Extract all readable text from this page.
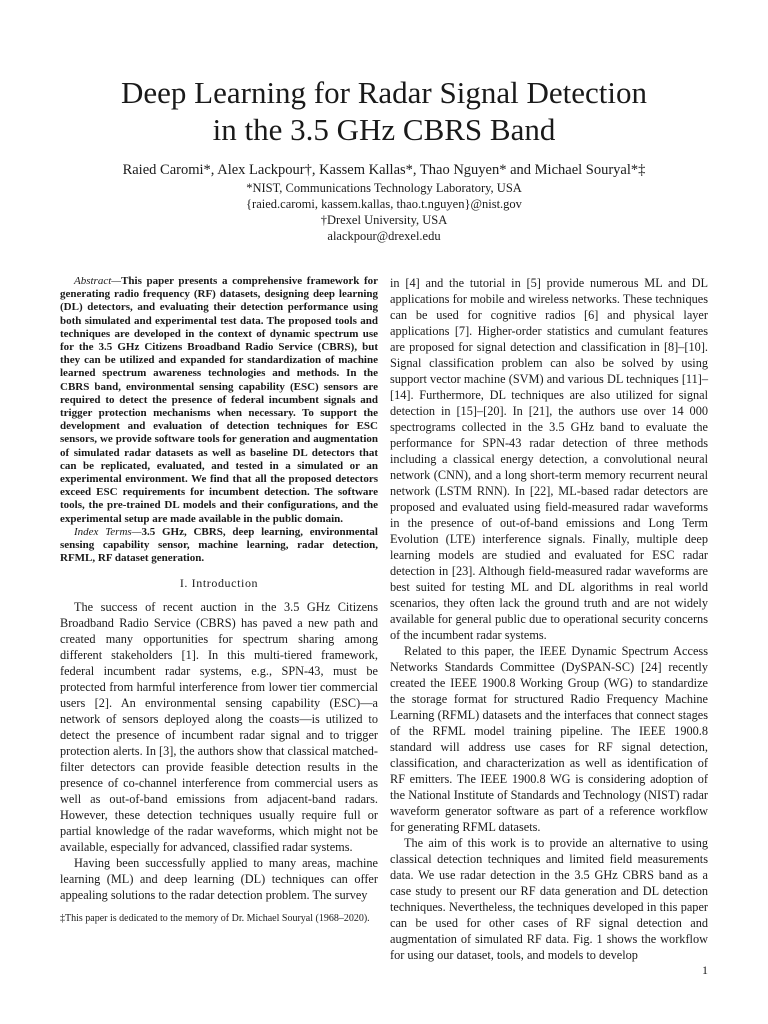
Deep Learning for Radar Signal Detection
in the 3.5 GHz CBRS Band
Raied Caromi*, Alex Lackpour†, Kassem Kallas*, Thao Nguyen* and Michael Souryal*‡
*NIST, Communications Technology Laboratory, USA
{raied.caromi, kassem.kallas, thao.t.nguyen}@nist.gov
†Drexel University, USA
alackpour@drexel.edu

Abstract—This paper presents a comprehensive framework for generating radio frequency (RF) datasets, designing deep learning (DL) detectors, and evaluating their detection performance using both simulated and experimental test data. The proposed tools and techniques are developed in the context of dynamic spectrum use for the 3.5 GHz Citizens Broadband Radio Service (CBRS), but they can be utilized and expanded for standardization of machine learned spectrum awareness technologies and methods. In the CBRS band, environmental sensing capability (ESC) sensors are required to detect the presence of federal incumbent signals and trigger protection mechanisms when necessary. To support the development and evaluation of detection techniques for ESC sensors, we provide software tools for generation and augmentation of simulated radar datasets as well as baseline DL detectors that can be replicated, evaluated, and tested in a simulated or an experimental environment. We find that all the proposed detectors exceed ESC requirements for incumbent detection. The software tools, the pre-trained DL models and their configurations, and the experimental setup are made available in the public domain.

Index Terms—3.5 GHz, CBRS, deep learning, environmental sensing capability sensor, machine learning, radar detection, RFML, RF dataset generation.

I. Introduction

The success of recent auction in the 3.5 GHz Citizens Broadband Radio Service (CBRS) has paved a new path and created many opportunities for spectrum sharing among different stakeholders [1]. In this multi-tiered framework, federal incumbent radar systems, e.g., SPN-43, must be protected from harmful interference from lower tier commercial users [2]. An environmental sensing capability (ESC)—a network of sensors deployed along the coasts—is utilized to detect the presence of incumbent radar signal and to trigger protection alerts. In [3], the authors show that classical matched-filter detectors can provide feasible detection results in the presence of co-channel interference from commercial users as well as out-of-band emissions from adjacent-band radars. However, these detection techniques usually require full or partial knowledge of the radar waveforms, which might not be available, especially for advanced, classified radar systems.

Having been successfully applied to many areas, machine learning (ML) and deep learning (DL) techniques can offer appealing solutions to the radar detection problem. The survey

‡This paper is dedicated to the memory of Dr. Michael Souryal (1968–2020).

in [4] and the tutorial in [5] provide numerous ML and DL applications for mobile and wireless networks. These techniques can be used for cognitive radios [6] and physical layer applications [7]. Higher-order statistics and cumulant features are proposed for signal detection and classification in [8]–[10]. Signal classification problem can also be solved by using support vector machine (SVM) and various DL techniques [11]–[14]. Furthermore, DL techniques are also utilized for signal detection in [15]–[20]. In [21], the authors use over 14 000 spectrograms collected in the 3.5 GHz band to evaluate the performance for SPN-43 radar detection of three methods including a classical energy detection, a convolutional neural network (CNN), and a long short-term memory recurrent neural network (LSTM RNN). In [22], ML-based radar detectors are proposed and evaluated using field-measured radar waveforms in the presence of out-of-band emissions and Long Term Evolution (LTE) interference signals. Finally, multiple deep learning models are studied and evaluated for ESC radar detection in [23]. Although field-measured radar waveforms are best suited for testing ML and DL algorithms in real world scenarios, they often lack the ground truth and are not widely available for general public due to operational security concerns of the incumbent radar systems.

Related to this paper, the IEEE Dynamic Spectrum Access Networks Standards Committee (DySPAN-SC) [24] recently created the IEEE 1900.8 Working Group (WG) to standardize the storage format for structured Radio Frequency Machine Learning (RFML) datasets and the interfaces that connect stages of the RFML model training pipeline. The IEEE 1900.8 standard will address use cases for RF signal detection, classification, and characterization as well as identification of RF emitters. The IEEE 1900.8 WG is considering adoption of the National Institute of Standards and Technology (NIST) radar waveform generator software as part of a reference workflow for generating RFML datasets.

The aim of this work is to provide an alternative to using classical detection techniques and limited field measurements data. We use radar detection in the 3.5 GHz CBRS band as a case study to present our RF data generation and DL detection techniques. Nevertheless, the techniques developed in this paper can be used for other cases of RF signal detection and augmentation of simulated RF data. Fig. 1 shows the workflow for using our dataset, tools, and models to develop

1
